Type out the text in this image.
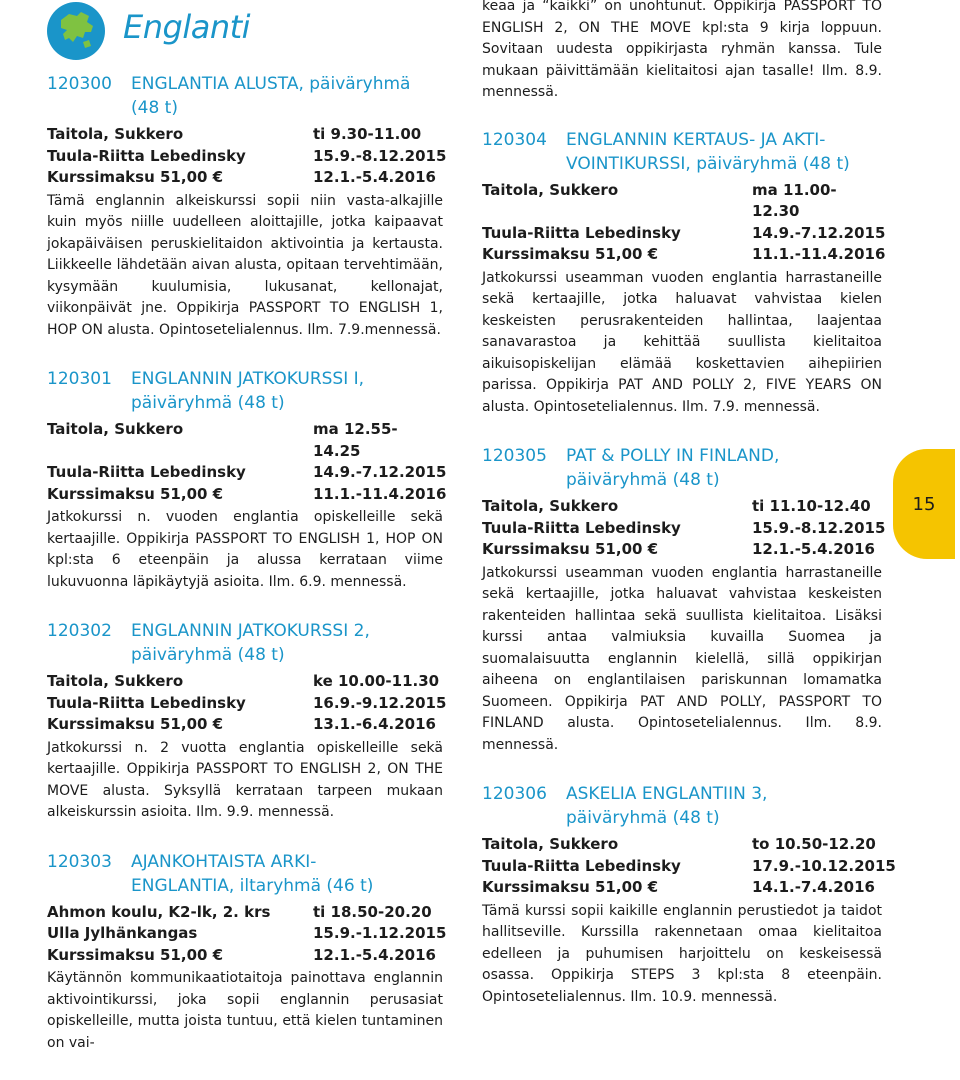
Englanti
120300	ENGLANTIA ALUSTA, päiväryhmä (48 t)
Taitola, Sukkero	ti 9.30-11.00
Tuula-Riitta Lebedinsky	15.9.-8.12.2015
Kurssimaksu 51,00 €	12.1.-5.4.2016
Tämä englannin alkeiskurssi sopii niin vasta-alkajille kuin myös niille uudelleen aloittajille, jotka kaipaavat jokapäiväisen peruskielitaidon aktivointia ja kertausta. Liikkeelle lähdetään aivan alusta, opitaan tervehtimään, kysymään kuulumisia, lukusanat, kellonajat, viikonpäivät jne. Oppikirja PASSPORT TO ENGLISH 1, HOP ON alusta. Opintosetelialennus. Ilm. 7.9.mennessä.
120301	ENGLANNIN JATKOKURSSI I,
päiväryhmä (48 t)
Taitola, Sukkero	ma 12.55-14.25
Tuula-Riitta Lebedinsky	14.9.-7.12.2015
Kurssimaksu 51,00 €	11.1.-11.4.2016
Jatkokurssi n. vuoden englantia opiskelleille sekä kertaajille. Oppikirja PASSPORT TO ENGLISH 1, HOP ON kpl:sta 6 eteenpäin ja alussa kerrataan viime lukuvuonna läpikäytyjä asioita. Ilm. 6.9. mennessä.
120302	ENGLANNIN JATKOKURSSI 2,
päiväryhmä (48 t)
Taitola, Sukkero	ke 10.00-11.30
Tuula-Riitta Lebedinsky	16.9.-9.12.2015
Kurssimaksu 51,00 €	13.1.-6.4.2016
Jatkokurssi n. 2 vuotta englantia opiskelleille sekä kertaajille. Oppikirja PASSPORT TO ENGLISH 2, ON THE MOVE alusta. Syksyllä kerrataan tarpeen mukaan alkeiskurssin asioita. Ilm. 9.9. mennessä.
120303	AJANKOHTAISTA ARKI-
ENGLANTIA, iltaryhmä (46 t)
Ahmon koulu, K2-lk, 2. krs	ti 18.50-20.20
Ulla Jylhänkangas	15.9.-1.12.2015
Kurssimaksu 51,00 €	12.1.-5.4.2016
Käytännön kommunikaatiotaitoja painottava englannin aktivointikurssi, joka sopii englannin perusasiat opiskelleille, mutta joista tuntuu, että kielen tuntaminen on vai-
keaa ja “kaikki” on unohtunut. Oppikirja PASSPORT TO ENGLISH 2, ON THE MOVE kpl:sta 9 kirja loppuun. Sovitaan uudesta oppikirjasta ryhmän kanssa. Tule mukaan päivittämään kielitaitosi ajan tasalle! Ilm. 8.9. mennessä.
120304	ENGLANNIN KERTAUS- JA AKTI-
VOINTIKURSSI, päiväryhmä (48 t)
Taitola, Sukkero	ma 11.00-12.30
Tuula-Riitta Lebedinsky	14.9.-7.12.2015
Kurssimaksu 51,00 €	11.1.-11.4.2016
Jatkokurssi useamman vuoden englantia harrastaneille sekä kertaajille, jotka haluavat vahvistaa kielen keskeisten perusrakenteiden hallintaa, laajentaa sanavarastoa ja kehittää suullista kielitaitoa aikuisopiskelijan elämää koskettavien aihepiirien parissa. Oppikirja PAT AND POLLY 2, FIVE YEARS ON alusta. Opintosetelialennus. Ilm. 7.9. mennessä.
120305	PAT & POLLY IN FINLAND,
päiväryhmä (48 t)
Taitola, Sukkero	ti 11.10-12.40
Tuula-Riitta Lebedinsky	15.9.-8.12.2015
Kurssimaksu 51,00 €	12.1.-5.4.2016
Jatkokurssi useamman vuoden englantia harrastaneille sekä kertaajille, jotka haluavat vahvistaa keskeisten rakenteiden hallintaa sekä suullista kielitaitoa. Lisäksi kurssi antaa valmiuksia kuvailla Suomea ja suomalaisuutta englannin kielellä, sillä oppikirjan aiheena on englantilaisen pariskunnan lomamatka Suomeen. Oppikirja PAT AND POLLY, PASSPORT TO FINLAND alusta. Opintosetelialennus. Ilm. 8.9. mennessä.
120306	ASKELIA ENGLANTIIN 3,
päiväryhmä (48 t)
Taitola, Sukkero	to 10.50-12.20
Tuula-Riitta Lebedinsky	17.9.-10.12.2015
Kurssimaksu 51,00 €	14.1.-7.4.2016
Tämä kurssi sopii kaikille englannin perustiedot ja taidot hallitseville. Kurssilla rakennetaan omaa kielitaitoa edelleen ja puhumisen harjoittelu on keskeisessä osassa. Oppikirja STEPS 3 kpl:sta 8 eteenpäin. Opintosetelialennus. Ilm. 10.9. mennessä.
15
